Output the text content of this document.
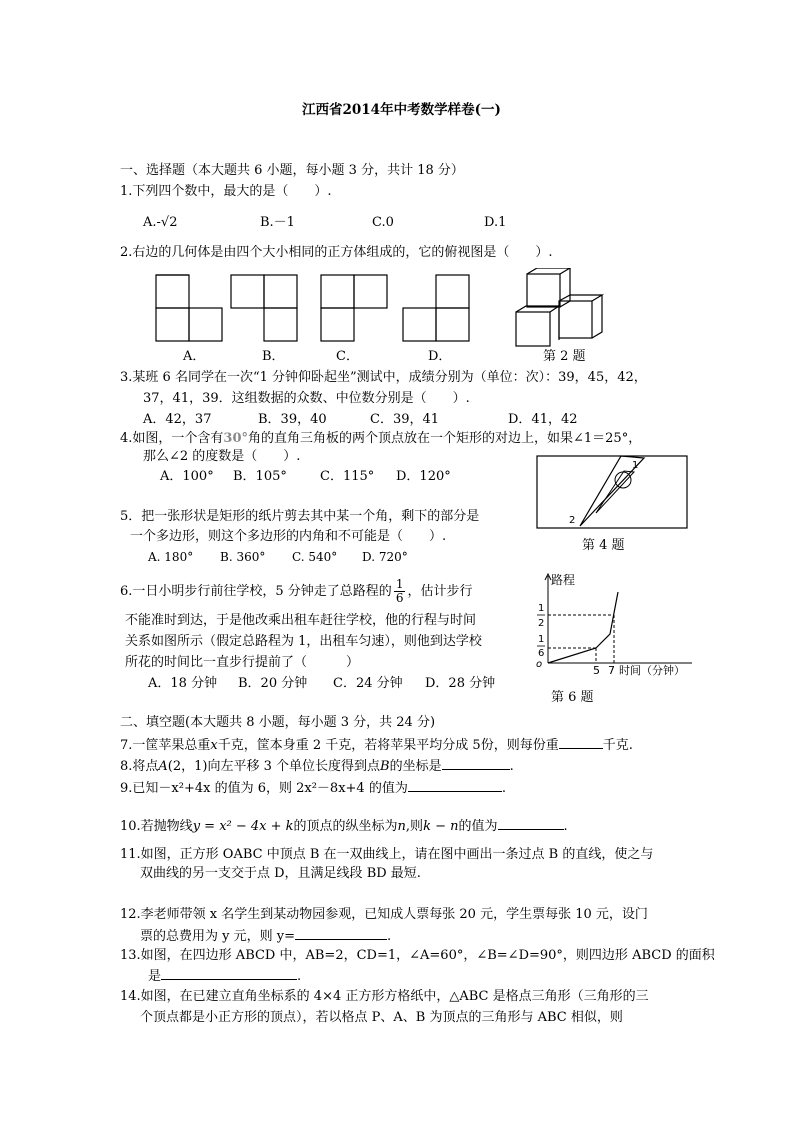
江西省2014年中考数学样卷(一)
一、选择题（本大题共 6 小题，每小题 3 分，共计 18 分）
1.下列四个数中，最大的是（　　）.
A.-√2	B.－1	C.0	D.1
2.右边的几何体是由四个大小相同的正方体组成的，它的俯视图是（　　）.
A．	B．	C．	D．	第 2 题
3.某班 6 名同学在一次“1 分钟仰卧起坐”测试中，成绩分别为（单位：次）：39，45，42，
37，41，39．这组数据的众数、中位数分别是（　　）.
A．42，37	B．39，40	C．39，41	D．41，42
4.如图，一个含有30°角的直角三角板的两个顶点放在一个矩形的对边上，如果∠1＝25°，
那么∠2 的度数是（　　）.
A．100° B．105°	C．115° D．120°
1
2
第 4 题
5．把一张形状是矩形的纸片剪去其中某一个角，剩下的部分是
一个多边形，则这个多边形的内角和不可能是（　　）.
A. 180° B. 360° C. 540° D. 720°
6.一日小明步行前往学校，5 分钟走了总路程的 $\frac{1}{6}$ ，估计步行
不能准时到达，于是他改乘出租车赶往学校，他的行程与时间
关系如图所示（假定总路程为 1，出租车匀速），则他到达学校
所花的时间比一直步行提前了（　　　）
A．18 分钟 B．20 分钟 C．24 分钟 D．28 分钟
路程
o
1
2
1
6
5 7 时间（分钟）
第 6 题
二、填空题(本大题共 8 小题，每小题 3 分，共 24 分)
7.一筐苹果总重x千克，筐本身重 2 千克，若将苹果平均分成 5份，则每份重	千克.
8.将点A(2，1)向左平移 3 个单位长度得到点B的坐标是	.
9.已知－x²+4x 的值为 6，则 2x²－8x+4 的值为	.
10.若抛物线y = x² − 4x + k的顶点的纵坐标为n,则k − n的值为	.
11.如图，正方形 OABC 中顶点 B 在一双曲线上，请在图中画出一条过点 B 的直线，使之与
双曲线的另一支交于点 D，且满足线段 BD 最短.
12.李老师带领 x 名学生到某动物园参观，已知成人票每张 20 元，学生票每张 10 元，设门
票的总费用为 y 元，则 y=	.
13.如图，在四边形 ABCD 中，AB=2，CD=1，∠A=60°，∠B=∠D=90°，则四边形 ABCD 的面积
是	.
14.如图，在已建立直角坐标系的 4×4 正方形方格纸中，△ABC 是格点三角形（三角形的三
个顶点都是小正方形的顶点），若以格点 P、A、B 为顶点的三角形与 ABC 相似，则
